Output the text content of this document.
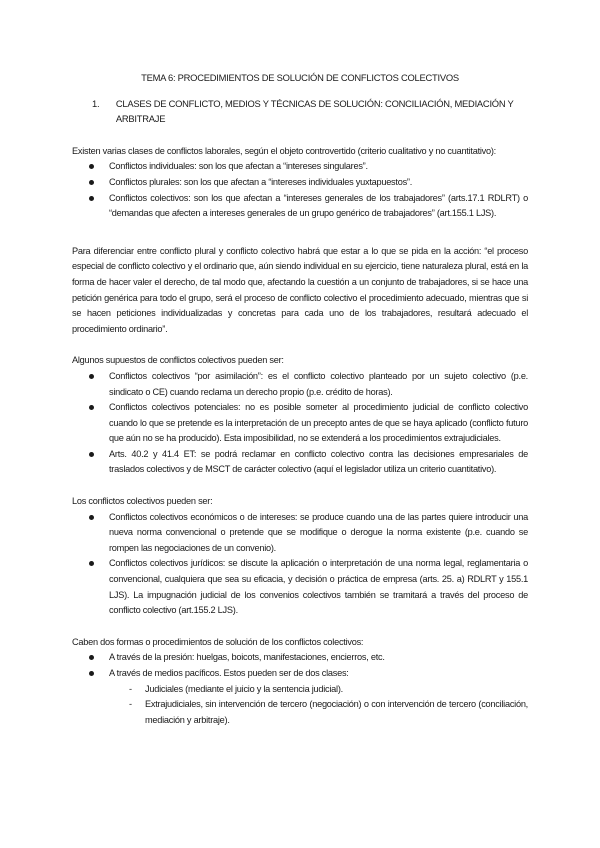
TEMA 6: PROCEDIMIENTOS DE SOLUCIÓN DE CONFLICTOS COLECTIVOS
1.	CLASES DE CONFLICTO, MEDIOS Y TÉCNICAS DE SOLUCIÓN: CONCILIACIÓN, MEDIACIÓN Y ARBITRAJE

Existen varias clases de conflictos laborales, según el objeto controvertido (criterio cualitativo y no cuantitativo):

Conflictos individuales: son los que afectan a “intereses singulares”.
Conflictos plurales: son los que afectan a “intereses individuales yuxtapuestos”.
Conflictos colectivos: son los que afectan a “intereses generales de los trabajadores” (arts.17.1 RDLRT) o “demandas que afecten a intereses generales de un grupo genérico de trabajadores” (art.155.1 LJS).

Para diferenciar entre conflicto plural y conflicto colectivo habrá que estar a lo que se pida en la acción: “el proceso especial de conflicto colectivo y el ordinario que, aún siendo individual en su ejercicio, tiene naturaleza plural, está en la forma de hacer valer el derecho, de tal modo que, afectando la cuestión a un conjunto de trabajadores, si se hace una petición genérica para todo el grupo, será el proceso de conflicto colectivo el procedimiento adecuado, mientras que si se hacen peticiones individualizadas y concretas para cada uno de los trabajadores, resultará adecuado el procedimiento ordinario”.

Algunos supuestos de conflictos colectivos pueden ser:

Conflictos colectivos “por asimilación”: es el conflicto colectivo planteado por un sujeto colectivo (p.e. sindicato o CE) cuando reclama un derecho propio (p.e. crédito de horas).
Conflictos colectivos potenciales: no es posible someter al procedimiento judicial de conflicto colectivo cuando lo que se pretende es la interpretación de un precepto antes de que se haya aplicado (conflicto futuro que aún no se ha producido). Esta imposibilidad, no se extenderá a los procedimientos extrajudiciales.
Arts. 40.2 y 41.4 ET: se podrá reclamar en conflicto colectivo contra las decisiones empresariales de traslados colectivos y de MSCT de carácter colectivo (aquí el legislador utiliza un criterio cuantitativo).

Los conflictos colectivos pueden ser:

Conflictos colectivos económicos o de intereses: se produce cuando una de las partes quiere introducir una nueva norma convencional o pretende que se modifique o derogue la norma existente (p.e. cuando se rompen las negociaciones de un convenio).
Conflictos colectivos jurídicos: se discute la aplicación o interpretación de una norma legal, reglamentaria o convencional, cualquiera que sea su eficacia, y decisión o práctica de empresa (arts. 25. a) RDLRT y 155.1 LJS). La impugnación judicial de los convenios colectivos también se tramitará a través del proceso de conflicto colectivo (art.155.2 LJS).

Caben dos formas o procedimientos de solución de los conflictos colectivos:

A través de la presión: huelgas, boicots, manifestaciones, encierros, etc.
A través de medios pacíficos. Estos pueden ser de dos clases:
- Judiciales (mediante el juicio y la sentencia judicial).
- Extrajudiciales, sin intervención de tercero (negociación) o con intervención de tercero (conciliación, mediación y arbitraje).
